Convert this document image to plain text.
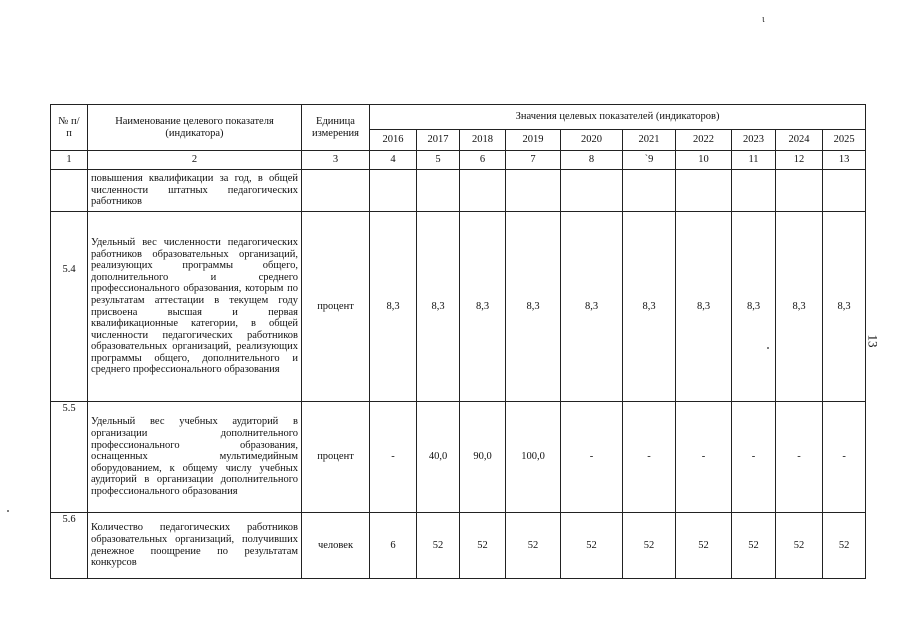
ι
13
№ п/п	Наименование целевого показателя (индикатора)	Единица измерения	Значения целевых показателей (индикаторов)									
			2016	2017	2018	2019	2020	2021	2022	2023	2024	2025
1	2	3	4	5	6	7	8	`9	10	11	12	13
	повышения квалификации за год, в общей численности штатных педагогических работников											
5.4	Удельный вес численности педагогических работников образовательных организаций, реализующих программы общего, дополнительного и среднего профессионального образования, которым по результатам аттестации в текущем году присвоена высшая и первая квалификационные категории, в общей численности педагогических работников образовательных организаций, реализующих программы общего, дополнительного и среднего профессионального образования	процент	8,3	8,3	8,3	8,3	8,3	8,3	8,3	8,3	8,3	8,3
5.5	Удельный вес учебных аудиторий в организации дополнительного профессионального образования, оснащенных мультимедийным оборудованием, к общему числу учебных аудиторий в организации дополнительного профессионального образования	процент	-	40,0	90,0	100,0	-	-	-	-	-	-
5.6	Количество педагогических работников образовательных организаций, получивших денежное поощрение по результатам конкурсов	человек	6	52	52	52	52	52	52	52	52	52
